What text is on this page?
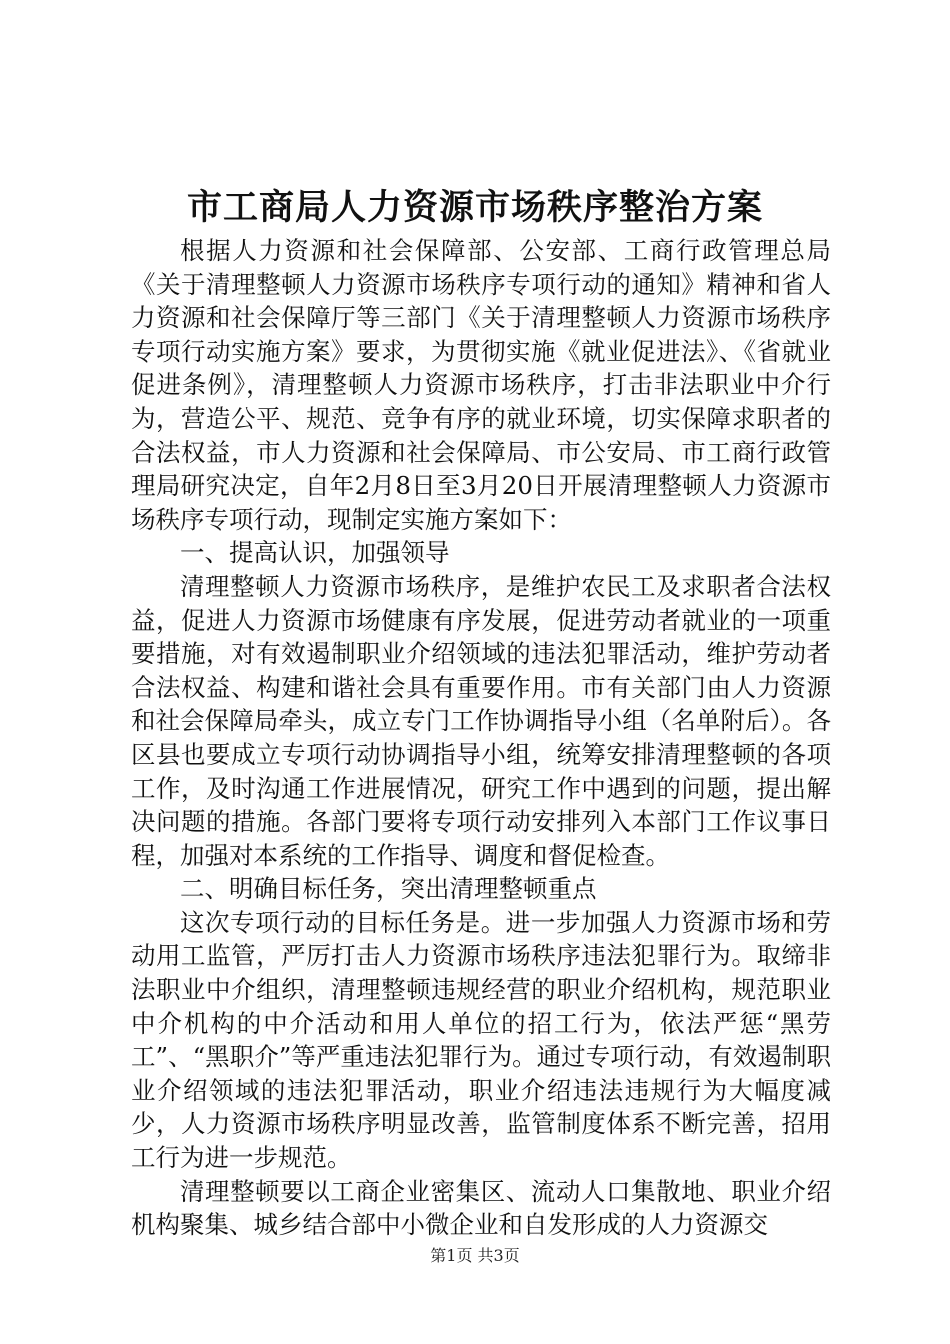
市工商局人力资源市场秩序整治方案

根据人力资源和社会保障部、公安部、工商行政管理总局《关于清理整顿人力资源市场秩序专项行动的通知》精神和省人力资源和社会保障厅等三部门《关于清理整顿人力资源市场秩序专项行动实施方案》要求，为贯彻实施《就业促进法》、《省就业促进条例》，清理整顿人力资源市场秩序，打击非法职业中介行为，营造公平、规范、竞争有序的就业环境，切实保障求职者的合法权益，市人力资源和社会保障局、市公安局、市工商行政管理局研究决定，自年2月8日至3月20日开展清理整顿人力资源市场秩序专项行动，现制定实施方案如下：

一、提高认识，加强领导

清理整顿人力资源市场秩序，是维护农民工及求职者合法权益，促进人力资源市场健康有序发展，促进劳动者就业的一项重要措施，对有效遏制职业介绍领域的违法犯罪活动，维护劳动者合法权益、构建和谐社会具有重要作用。市有关部门由人力资源和社会保障局牵头，成立专门工作协调指导小组（名单附后）。各区县也要成立专项行动协调指导小组，统筹安排清理整顿的各项工作，及时沟通工作进展情况，研究工作中遇到的问题，提出解决问题的措施。各部门要将专项行动安排列入本部门工作议事日程，加强对本系统的工作指导、调度和督促检查。

二、明确目标任务，突出清理整顿重点

这次专项行动的目标任务是。进一步加强人力资源市场和劳动用工监管，严厉打击人力资源市场秩序违法犯罪行为。取缔非法职业中介组织，清理整顿违规经营的职业介绍机构，规范职业中介机构的中介活动和用人单位的招工行为，依法严惩“黑劳工”、“黑职介”等严重违法犯罪行为。通过专项行动，有效遏制职业介绍领域的违法犯罪活动，职业介绍违法违规行为大幅度减少，人力资源市场秩序明显改善，监管制度体系不断完善，招用工行为进一步规范。

清理整顿要以工商企业密集区、流动人口集散地、职业介绍机构聚集、城乡结合部中小微企业和自发形成的人力资源交

第1页 共3页
